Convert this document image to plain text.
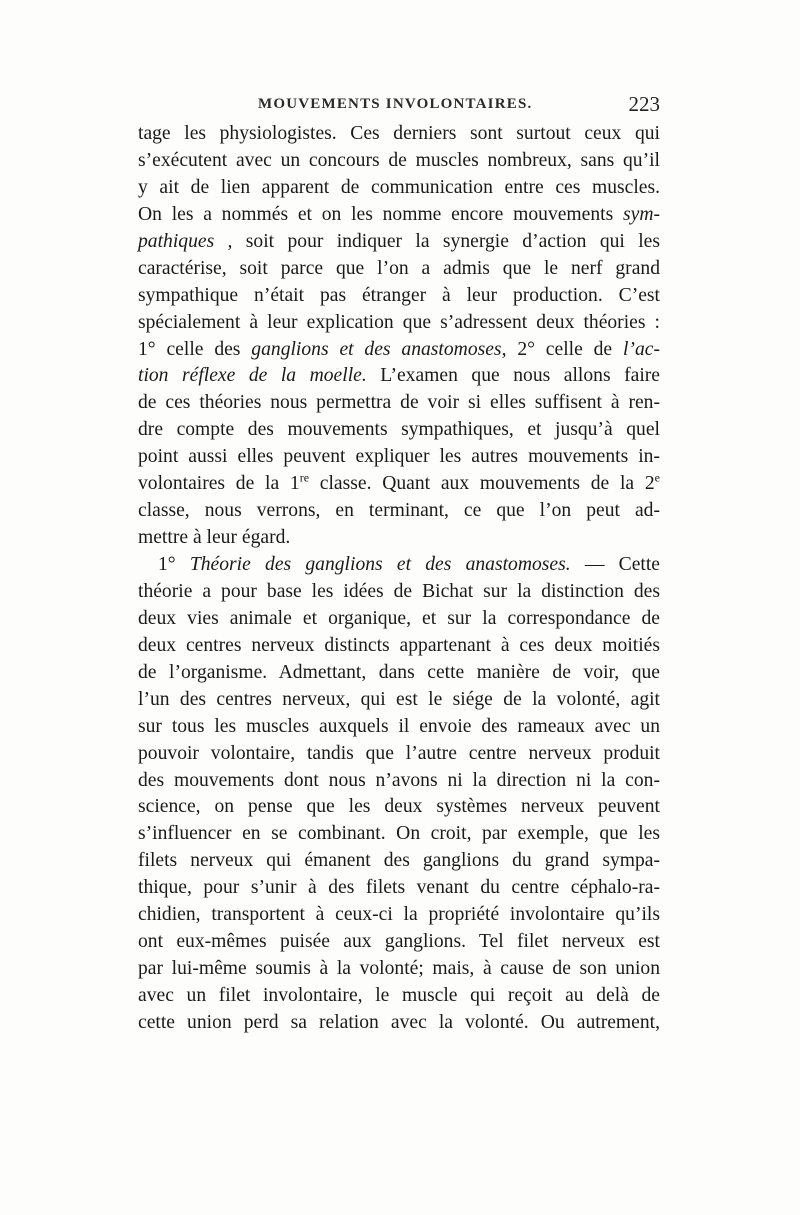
MOUVEMENTS INVOLONTAIRES.	223
tage les physiologistes. Ces derniers sont surtout ceux qui
s’exécutent avec un concours de muscles nombreux, sans qu’il
y ait de lien apparent de communication entre ces muscles.
On les a nommés et on les nomme encore mouvements sym-
pathiques , soit pour indiquer la synergie d’action qui les
caractérise, soit parce que l’on a admis que le nerf grand
sympathique n’était pas étranger à leur production. C’est
spécialement à leur explication que s’adressent deux théories :
1° celle des ganglions et des anastomoses, 2° celle de l’ac-
tion réflexe de la moelle. L’examen que nous allons faire
de ces théories nous permettra de voir si elles suffisent à ren-
dre compte des mouvements sympathiques, et jusqu’à quel
point aussi elles peuvent expliquer les autres mouvements in-
volontaires de la 1re classe. Quant aux mouvements de la 2e
classe, nous verrons, en terminant, ce que l’on peut ad-
mettre à leur égard.
1° Théorie des ganglions et des anastomoses. — Cette
théorie a pour base les idées de Bichat sur la distinction des
deux vies animale et organique, et sur la correspondance de
deux centres nerveux distincts appartenant à ces deux moitiés
de l’organisme. Admettant, dans cette manière de voir, que
l’un des centres nerveux, qui est le siége de la volonté, agit
sur tous les muscles auxquels il envoie des rameaux avec un
pouvoir volontaire, tandis que l’autre centre nerveux produit
des mouvements dont nous n’avons ni la direction ni la con-
science, on pense que les deux systèmes nerveux peuvent
s’influencer en se combinant. On croit, par exemple, que les
filets nerveux qui émanent des ganglions du grand sympa-
thique, pour s’unir à des filets venant du centre céphalo-ra-
chidien, transportent à ceux-ci la propriété involontaire qu’ils
ont eux-mêmes puisée aux ganglions. Tel filet nerveux est
par lui-même soumis à la volonté; mais, à cause de son union
avec un filet involontaire, le muscle qui reçoit au delà de
cette union perd sa relation avec la volonté. Ou autrement,
